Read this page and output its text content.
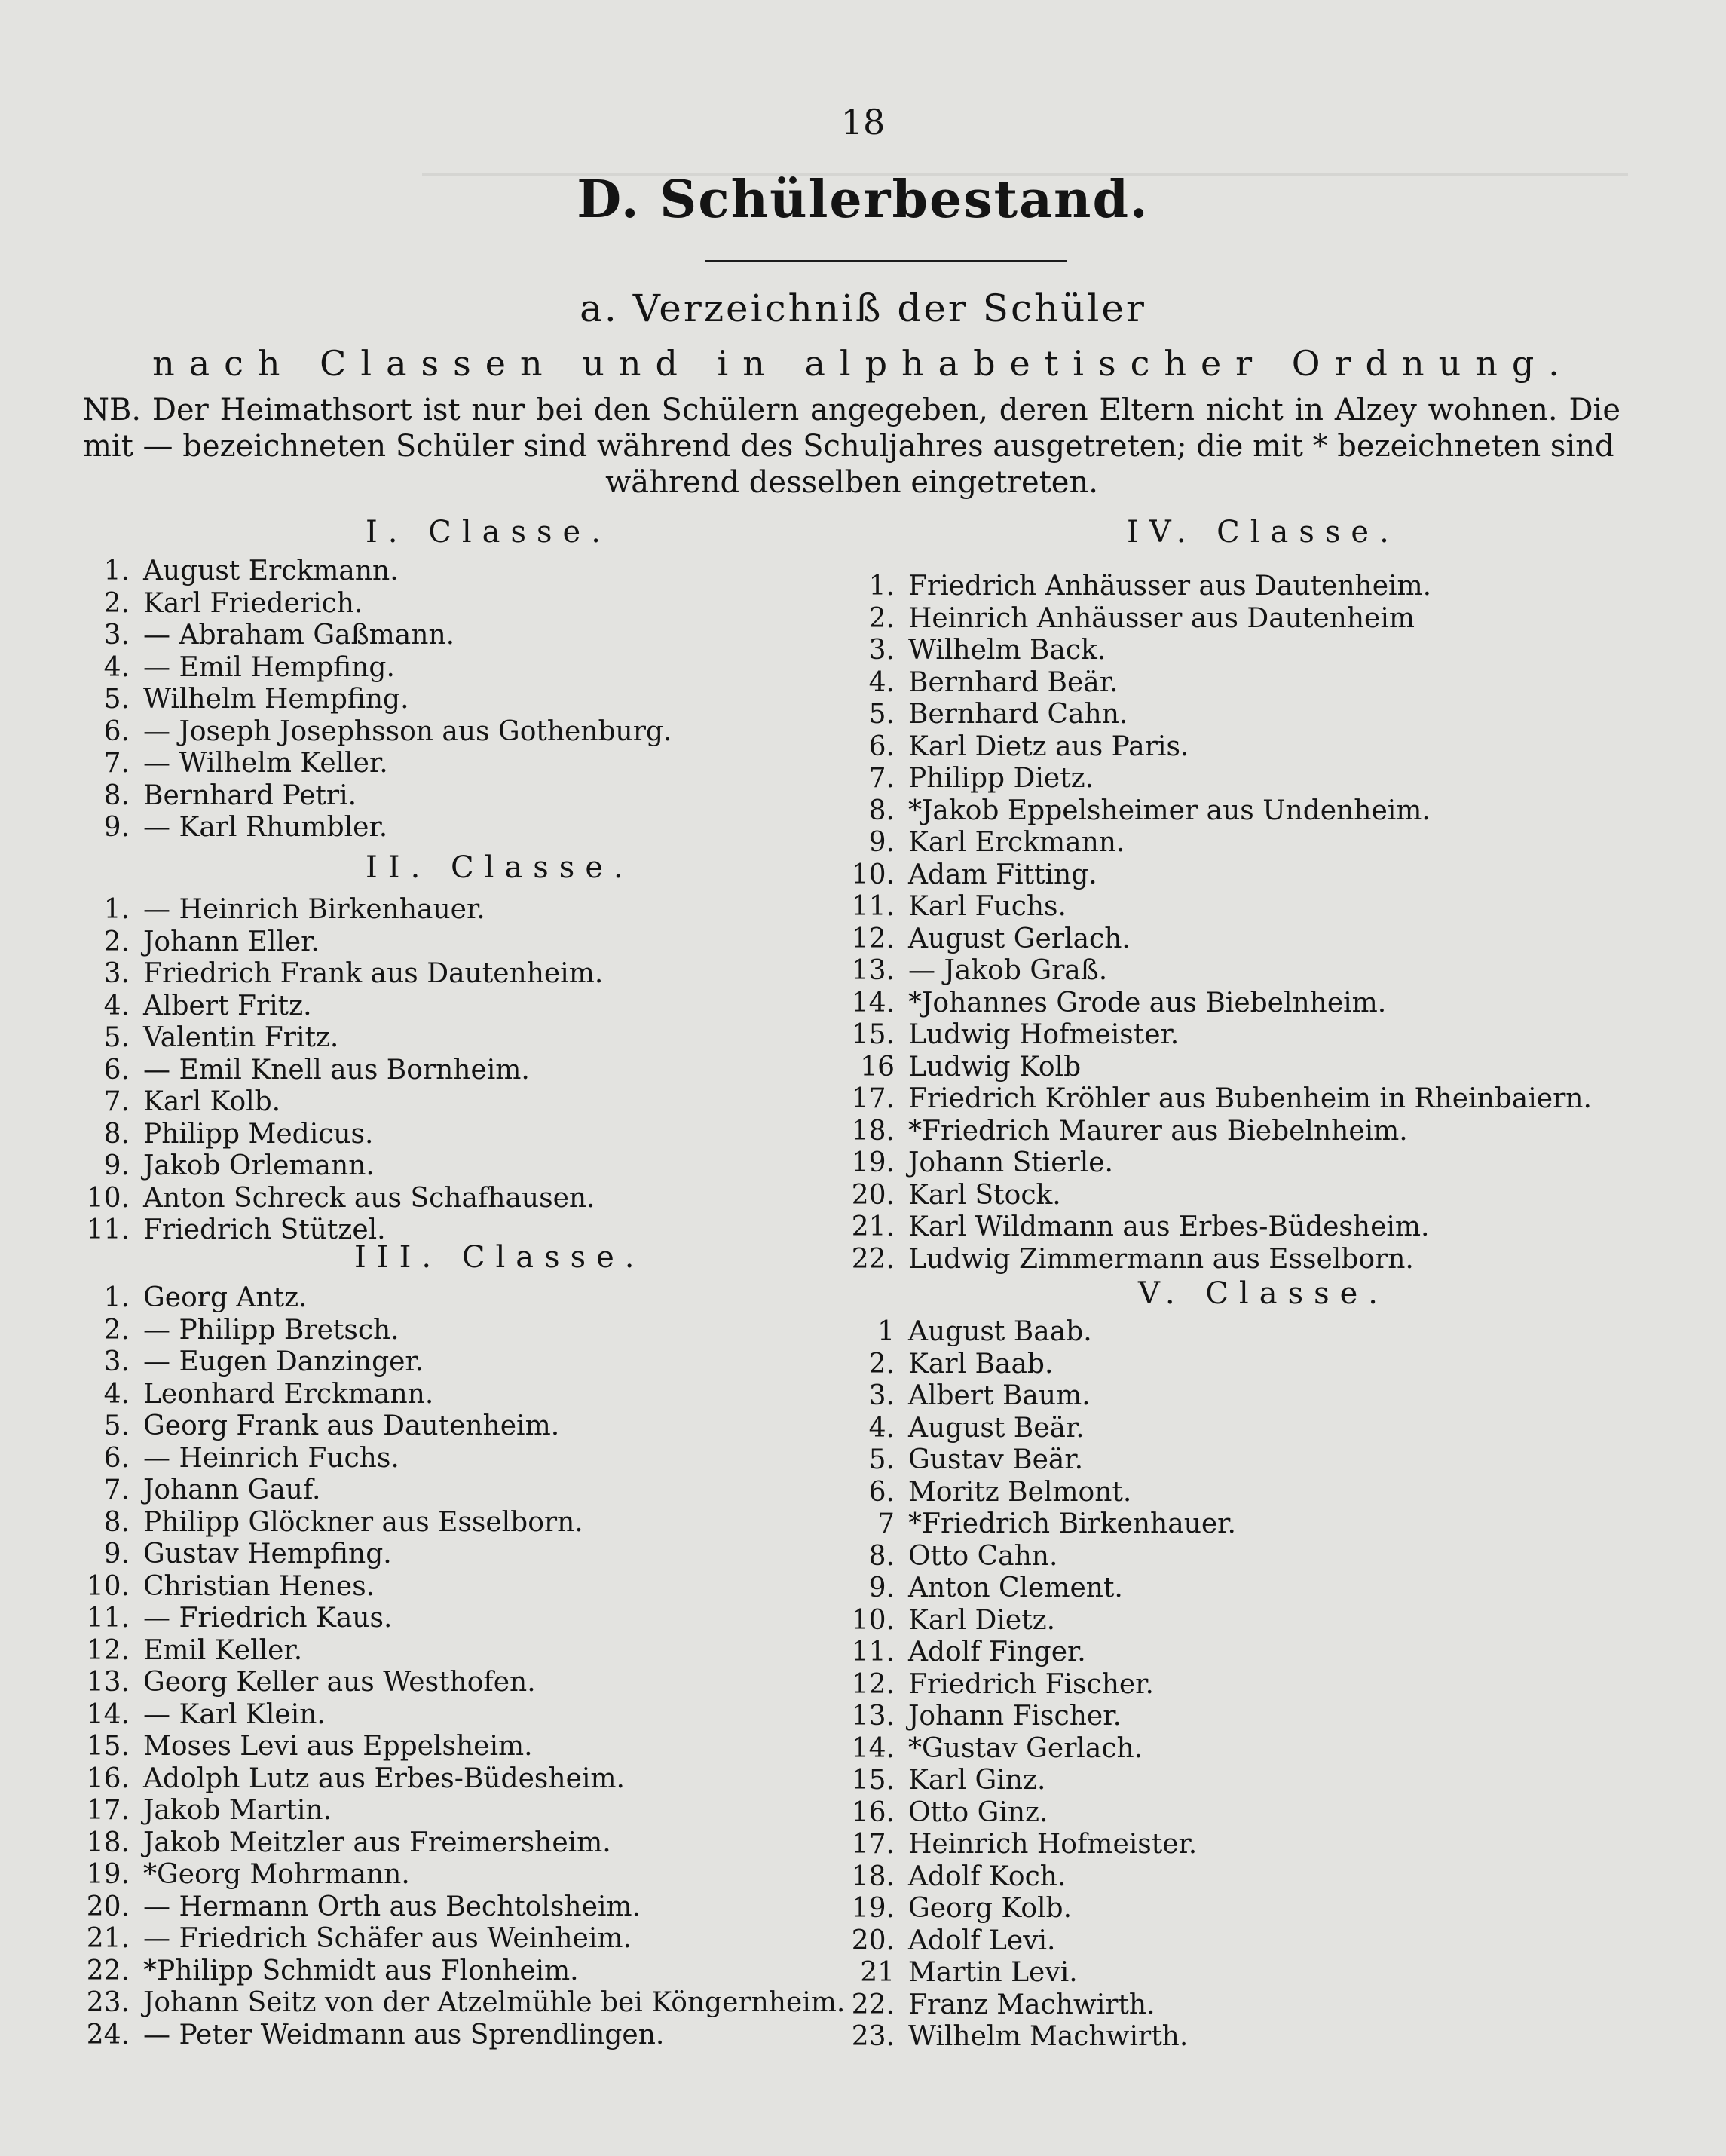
18
D. Schülerbestand.
a. Verzeichniß der Schüler
nach Classen und in alphabetischer Ordnung.
NB. Der Heimathsort ist nur bei den Schülern angegeben, deren Eltern nicht in Alzey wohnen. Die mit — bezeichneten Schüler sind während des Schuljahres ausgetreten; die mit * bezeichneten sind
während desselben eingetreten.
I. Classe.
1. August Erckmann.
2. Karl Friederich.
3. — Abraham Gaßmann.
4. — Emil Hempfing.
5. Wilhelm Hempfing.
6. — Joseph Josephsson aus Gothenburg.
7. — Wilhelm Keller.
8. Bernhard Petri.
9. — Karl Rhumbler.
II. Classe.
1. — Heinrich Birkenhauer.
2. Johann Eller.
3. Friedrich Frank aus Dautenheim.
4. Albert Fritz.
5. Valentin Fritz.
6. — Emil Knell aus Bornheim.
7. Karl Kolb.
8. Philipp Medicus.
9. Jakob Orlemann.
10. Anton Schreck aus Schafhausen.
11. Friedrich Stützel.
III. Classe.
1. Georg Antz.
2. — Philipp Bretsch.
3. — Eugen Danzinger.
4. Leonhard Erckmann.
5. Georg Frank aus Dautenheim.
6. — Heinrich Fuchs.
7. Johann Gauf.
8. Philipp Glöckner aus Esselborn.
9. Gustav Hempfing.
10. Christian Henes.
11. — Friedrich Kaus.
12. Emil Keller.
13. Georg Keller aus Westhofen.
14. — Karl Klein.
15. Moses Levi aus Eppelsheim.
16. Adolph Lutz aus Erbes-Büdesheim.
17. Jakob Martin.
18. Jakob Meitzler aus Freimersheim.
19. *Georg Mohrmann.
20. — Hermann Orth aus Bechtolsheim.
21. — Friedrich Schäfer aus Weinheim.
22. *Philipp Schmidt aus Flonheim.
23. Johann Seitz von der Atzelmühle bei Köngernheim.
24. — Peter Weidmann aus Sprendlingen.
IV. Classe.
1. Friedrich Anhäusser aus Dautenheim.
2. Heinrich Anhäusser aus Dautenheim
3. Wilhelm Back.
4. Bernhard Beär.
5. Bernhard Cahn.
6. Karl Dietz aus Paris.
7. Philipp Dietz.
8. *Jakob Eppelsheimer aus Undenheim.
9. Karl Erckmann.
10. Adam Fitting.
11. Karl Fuchs.
12. August Gerlach.
13. — Jakob Graß.
14. *Johannes Grode aus Biebelnheim.
15. Ludwig Hofmeister.
16 Ludwig Kolb
17. Friedrich Kröhler aus Bubenheim in Rheinbaiern.
18. *Friedrich Maurer aus Biebelnheim.
19. Johann Stierle.
20. Karl Stock.
21. Karl Wildmann aus Erbes-Büdesheim.
22. Ludwig Zimmermann aus Esselborn.
V. Classe.
1 August Baab.
2. Karl Baab.
3. Albert Baum.
4. August Beär.
5. Gustav Beär.
6. Moritz Belmont.
7 *Friedrich Birkenhauer.
8. Otto Cahn.
9. Anton Clement.
10. Karl Dietz.
11. Adolf Finger.
12. Friedrich Fischer.
13. Johann Fischer.
14. *Gustav Gerlach.
15. Karl Ginz.
16. Otto Ginz.
17. Heinrich Hofmeister.
18. Adolf Koch.
19. Georg Kolb.
20. Adolf Levi.
21 Martin Levi.
22. Franz Machwirth.
23. Wilhelm Machwirth.
